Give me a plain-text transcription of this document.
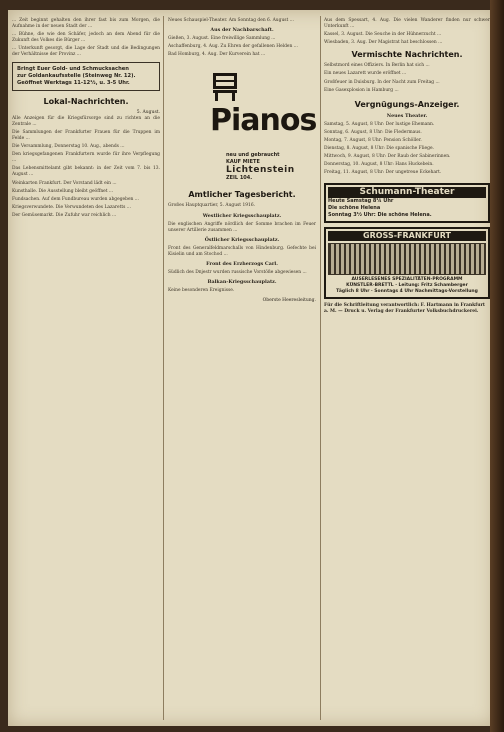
... Zeit beginnt gehalten den ihrer fast bis zum Morgen, die Aufnahme in der neuen Stadt der ...

... Bühne, die wie den Schäfer, jedoch an dem Abend für die Zukunft des Volkes die Bürger ...

... Unterkunft gesorgt, die Lage der Stadt und die Bedingungen der Verhältnisse der Provinz ...

Bringt Euer Gold- und Schmucksachen
zur Goldankaufsstelle (Steinweg Nr. 12).
Geöffnet Werktags 11-12½, u. 3-5 Uhr.
Lokal-Nachrichten.
5. August.

Alle Anzeigen für die Kriegsfürsorge sind zu richten an die Zentrale ...

Die Sammlungen der Frankfurter Frauen für die Truppen im Felde ...

Die Versammlung, Donnerstag 10. Aug., abends ...

Den kriegsgefangenen Frankfurtern wurde für ihre Verpflegung ...

Das Lebensmittelamt gibt bekannt: in der Zeit vom 7. bis 13. August ...

Weinkarten Frankfurt. Der Vorstand lädt ein ...

Kunsthalle. Die Ausstellung bleibt geöffnet ...

Fundsachen. Auf dem Fundbureau wurden abgegeben ...

Kriegsverwundete. Die Verwundeten des Lazaretts ...

Der Gemüsemarkt. Die Zufuhr war reichlich ...

Neues Schauspiel-Theater. Am Sonntag den 6. August ...

Aus der Nachbarschaft.

Gießen, 3. August. Eine freiwillige Sammlung ...

Aschaffenburg, 4. Aug. Zu Ehren der gefallenen Helden ...

Bad Homburg, 4. Aug. Der Kurverein hat ...

Pianos
neu und gebraucht
KAUF MIETE
Lichtenstein
ZEIL 104.
Amtlicher Tagesbericht.

Großes Hauptquartier, 5. August 1916.

Westlicher Kriegsschauplatz.

Die englischen Angriffe nördlich der Somme brachen im Feuer unserer Artillerie zusammen ...

Östlicher Kriegsschauplatz.

Front des Generalfeldmarschalls von Hindenburg. Gefechte bei Kisielin und am Stochod ...

Front des Erzherzogs Carl.

Südlich des Dnjestr wurden russische Vorstöße abgewiesen ...

Balkan-Kriegsschauplatz.

Keine besonderen Ereignisse.

Oberste Heeresleitung.

Aus dem Spessart, 4. Aug. Die vielen Wanderer finden nur schwer Unterkunft ...

Kassel, 3. August. Die Seuche in der Hühnerzucht ...

Wiesbaden, 3. Aug. Der Magistrat hat beschlossen ...

Vermischte Nachrichten.

Selbstmord eines Offiziers. In Berlin hat sich ...

Ein neues Lazarett wurde eröffnet ...

Großfeuer in Duisburg. In der Nacht zum Freitag ...

Eine Gasexplosion in Hamburg ...

Vergnügungs-Anzeiger.
Neues Theater.

Samstag, 5. August, 8 Uhr: Der lustige Ehemann.

Sonntag, 6. August, 8 Uhr: Die Fledermaus.

Montag, 7. August, 8 Uhr: Pension Schöller.

Dienstag, 8. August, 8 Uhr: Die spanische Fliege.

Mittwoch, 9. August, 8 Uhr: Der Raub der Sabinerinnen.

Donnerstag, 10. August, 8 Uhr: Hans Huckebein.

Freitag, 11. August, 8 Uhr: Der ungetreue Eckehart.

Schumann-Theater
Heute Samstag 8¼ Uhr
Die schöne Helena
Sonntag 3½ Uhr: Die schöne Helena.
GROSS-FRANKFURT
AUSERLESENES SPEZIALITÄTEN-PROGRAMM
KÜNSTLER-BRETTL · Leitung: Fritz Schamberger
Täglich 8 Uhr · Sonntags 4 Uhr Nachmittags-Vorstellung
Für die Schriftleitung verantwortlich: F. Hartmann in Frankfurt a. M. — Druck u. Verlag der Frankfurter Volksbuchdruckerei.
